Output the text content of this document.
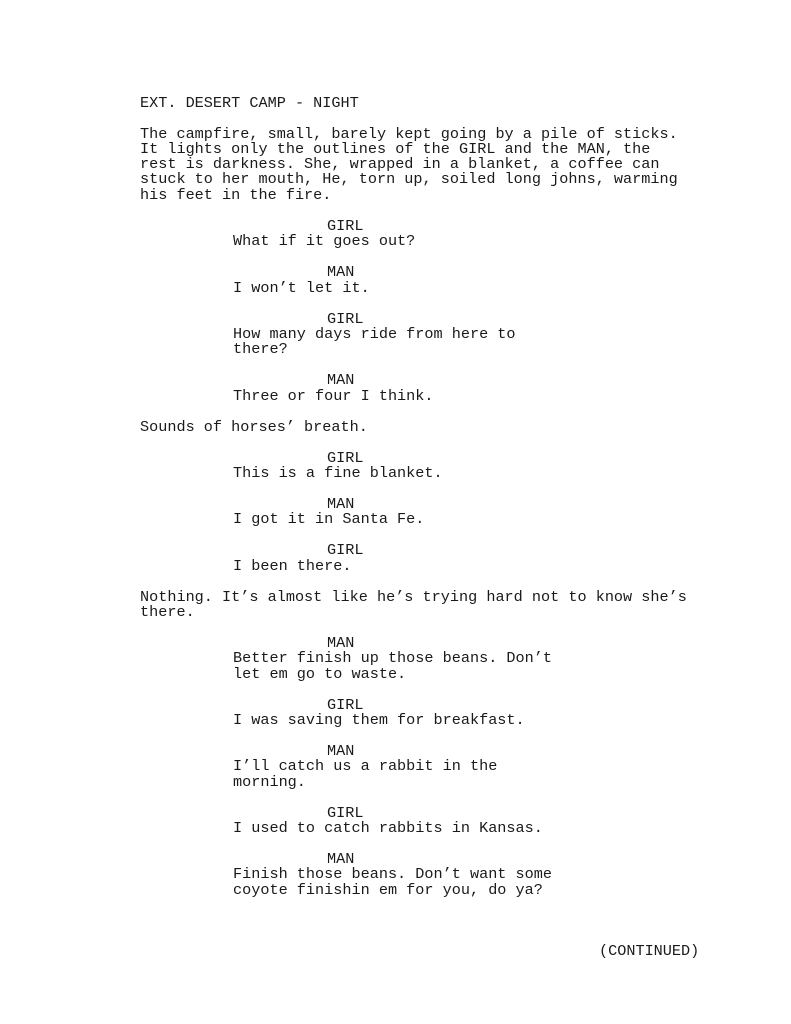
EXT. DESERT CAMP - NIGHT
The campfire, small, barely kept going by a pile of sticks.
It lights only the outlines of the GIRL and the MAN, the
rest is darkness. She, wrapped in a blanket, a coffee can
stuck to her mouth, He, torn up, soiled long johns, warming
his feet in the fire.
GIRL
What if it goes out?
MAN
I won’t let it.
GIRL
How many days ride from here to
there?
MAN
Three or four I think.
Sounds of horses’ breath.
GIRL
This is a fine blanket.
MAN
I got it in Santa Fe.
GIRL
I been there.
Nothing. It’s almost like he’s trying hard not to know she’s
there.
MAN
Better finish up those beans. Don’t
let em go to waste.
GIRL
I was saving them for breakfast.
MAN
I’ll catch us a rabbit in the
morning.
GIRL
I used to catch rabbits in Kansas.
MAN
Finish those beans. Don’t want some
coyote finishin em for you, do ya?
(CONTINUED)
